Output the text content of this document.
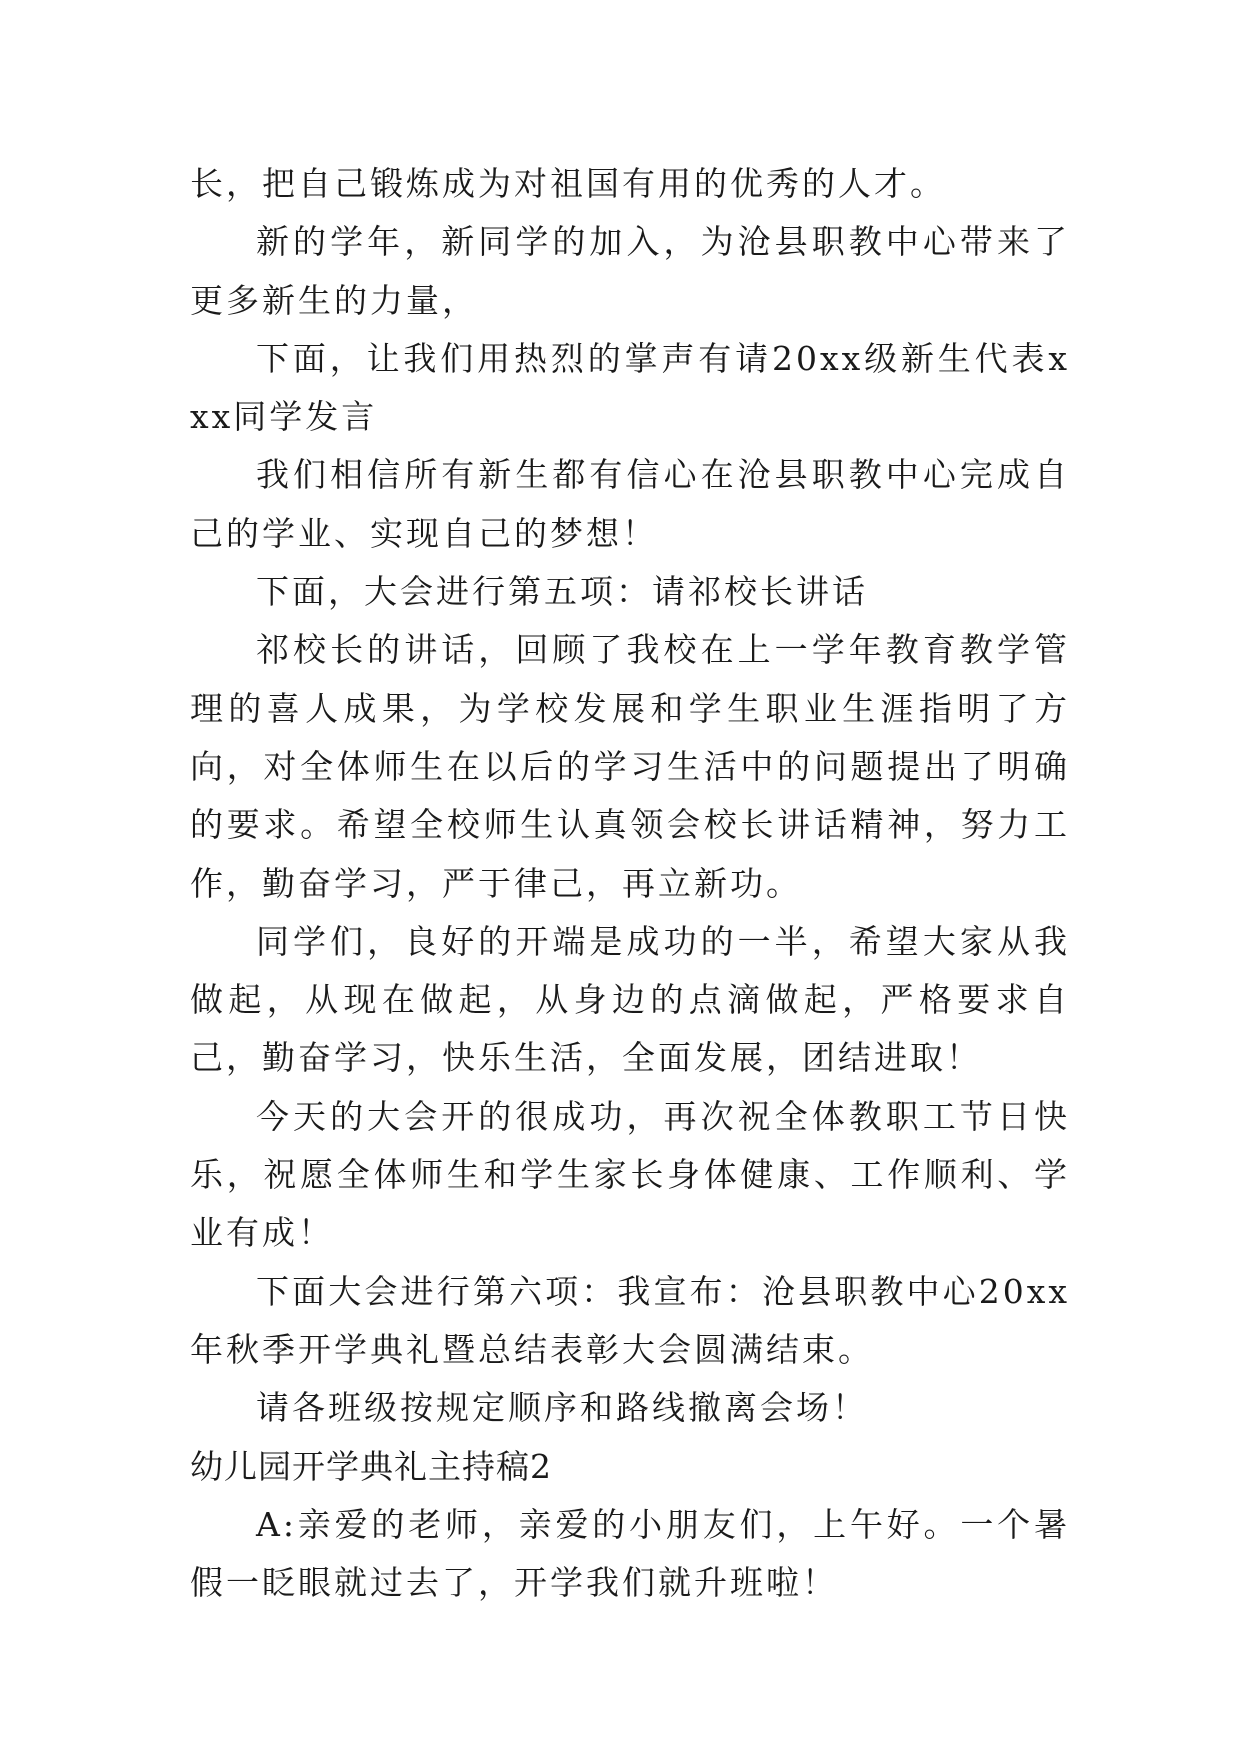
长，把自己锻炼成为对祖国有用的优秀的人才。

新的学年，新同学的加入，为沧县职教中心带来了更多新生的力量，

下面，让我们用热烈的掌声有请20xx级新生代表xxx同学发言

我们相信所有新生都有信心在沧县职教中心完成自己的学业、实现自己的梦想！

下面，大会进行第五项：请祁校长讲话

祁校长的讲话，回顾了我校在上一学年教育教学管理的喜人成果，为学校发展和学生职业生涯指明了方向，对全体师生在以后的学习生活中的问题提出了明确的要求。希望全校师生认真领会校长讲话精神，努力工作，勤奋学习，严于律己，再立新功。

同学们，良好的开端是成功的一半，希望大家从我做起，从现在做起，从身边的点滴做起，严格要求自己，勤奋学习，快乐生活，全面发展，团结进取！

今天的大会开的很成功，再次祝全体教职工节日快乐，祝愿全体师生和学生家长身体健康、工作顺利、学业有成！

下面大会进行第六项：我宣布：沧县职教中心20xx年秋季开学典礼暨总结表彰大会圆满结束。

请各班级按规定顺序和路线撤离会场！

幼儿园开学典礼主持稿2

A:亲爱的老师，亲爱的小朋友们，上午好。一个暑假一眨眼就过去了，开学我们就升班啦！
